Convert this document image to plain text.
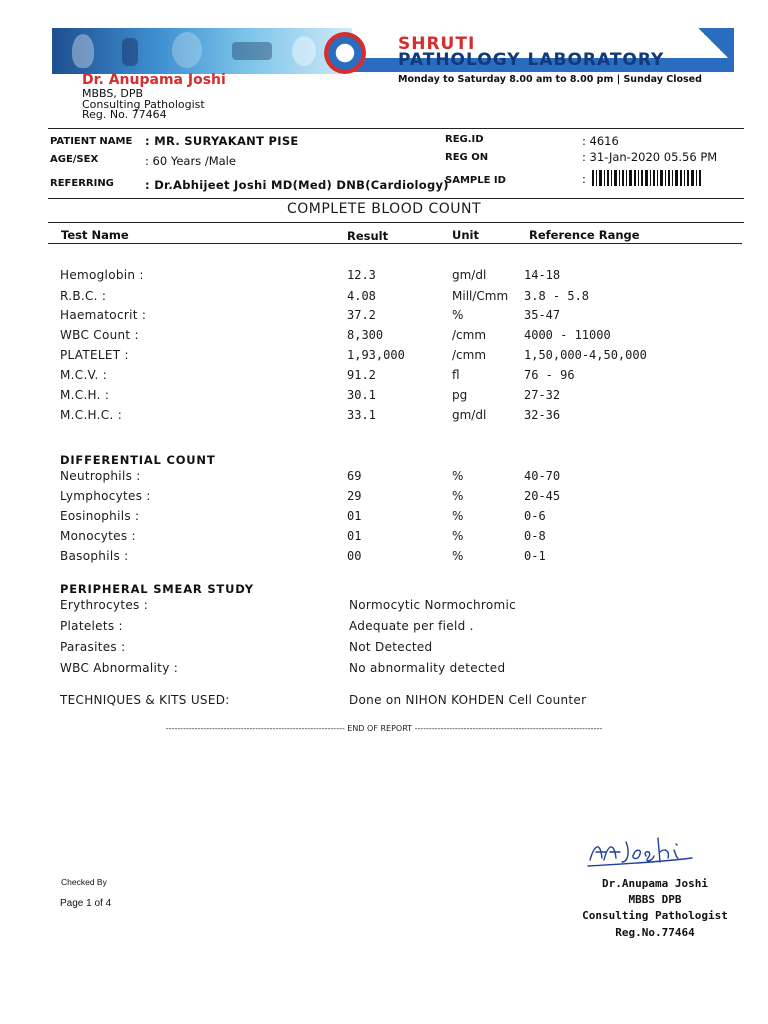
SHRUTI
PATHOLOGY LABORATORY
Monday to Saturday 8.00 am to 8.00 pm | Sunday Closed
Dr. Anupama Joshi
MBBS, DPB
Consulting Pathologist
Reg. No. 77464
PATIENT NAME : MR. SURYAKANT PISE
AGE/SEX	: 60 Years /Male
REFERRING	: Dr.Abhijeet Joshi MD(Med) DNB(Cardiology)
REG.ID	: 4616
REG ON	: 31-Jan-2020 05.56 PM
SAMPLE ID	:
COMPLETE BLOOD COUNT
Test Name	Result	Unit	Reference Range
Hemoglobin :	12.3	gm/dl	14-18
R.B.C. :	4.08	Mill/Cmm 3.8 - 5.8
Haematocrit :	37.2	%	35-47
WBC Count :	8,300	/cmm	4000 - 11000
PLATELET :	1,93,000	/cmm	1,50,000-4,50,000
M.C.V. :	91.2	fl	76 - 96
M.C.H. :	30.1	pg	27-32
M.C.H.C. :	33.1	gm/dl	32-36
DIFFERENTIAL COUNT
Neutrophils :	69	%	40-70
Lymphocytes :	29	%	20-45
Eosinophils :	01	%	0-6
Monocytes :	01	%	0-8
Basophils :	00	%	0-1
PERIPHERAL SMEAR STUDY
Erythrocytes :	Normocytic Normochromic
Platelets :	Adequate per field .
Parasites :	Not Detected
WBC Abnormality :	No abnormality detected
TECHNIQUES & KITS USED:	Done on NIHON KOHDEN Cell Counter
-------------------------------------------------------------- END OF REPORT -----------------------------------------------------------------
Checked By
Page 1 of 4
Dr.Anupama Joshi
MBBS DPB
Consulting Pathologist
Reg.No.77464
